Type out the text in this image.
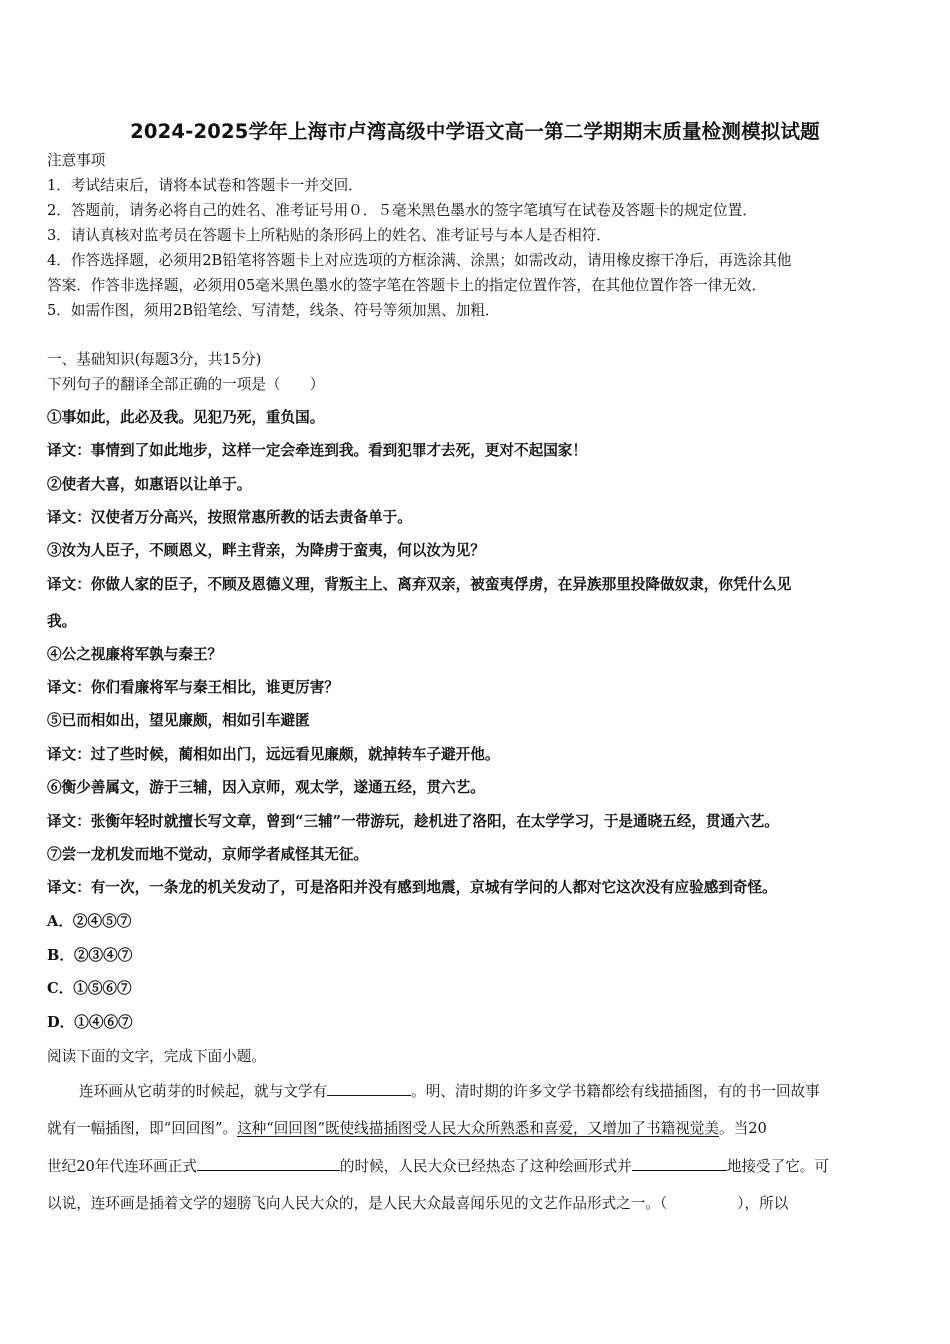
2024-2025学年上海市卢湾高级中学语文高一第二学期期末质量检测模拟试题
注意事项
1．考试结束后，请将本试卷和答题卡一并交回．
2．答题前，请务必将自己的姓名、准考证号用０．５毫米黑色墨水的签字笔填写在试卷及答题卡的规定位置．
3．请认真核对监考员在答题卡上所粘贴的条形码上的姓名、准考证号与本人是否相符．
4．作答选择题，必须用2B铅笔将答题卡上对应选项的方框涂满、涂黑；如需改动，请用橡皮擦干净后，再选涂其他
答案．作答非选择题，必须用05毫米黑色墨水的签字笔在答题卡上的指定位置作答，在其他位置作答一律无效．
5．如需作图，须用2B铅笔绘、写清楚，线条、符号等须加黑、加粗．
一、基础知识(每题3分，共15分)
下列句子的翻译全部正确的一项是（　　）
①事如此，此必及我。见犯乃死，重负国。
译文：事情到了如此地步，这样一定会牵连到我。看到犯罪才去死，更对不起国家！
②使者大喜，如惠语以让单于。
译文：汉使者万分高兴，按照常惠所教的话去责备单于。
③汝为人臣子，不顾恩义，畔主背亲，为降虏于蛮夷，何以汝为见？
译文：你做人家的臣子，不顾及恩德义理，背叛主上、离弃双亲，被蛮夷俘虏，在异族那里投降做奴隶，你凭什么见
我。
④公之视廉将军孰与秦王？
译文：你们看廉将军与秦王相比，谁更厉害？
⑤已而相如出，望见廉颇，相如引车避匿
译文：过了些时候，蔺相如出门，远远看见廉颇，就掉转车子避开他。
⑥衡少善属文，游于三辅，因入京师，观太学，遂通五经，贯六艺。
译文：张衡年轻时就擅长写文章，曾到“三辅”一带游玩，趁机进了洛阳，在太学学习，于是通晓五经，贯通六艺。
⑦尝一龙机发而地不觉动，京师学者咸怪其无征。
译文：有一次，一条龙的机关发动了，可是洛阳并没有感到地震，京城有学问的人都对它这次没有应验感到奇怪。
A．②④⑤⑦
B．②③④⑦
C．①⑤⑥⑦
D．①④⑥⑦
阅读下面的文字，完成下面小题。
连环画从它萌芽的时候起，就与文学有	。明、清时期的许多文学书籍都绘有线描插图，有的书一回故事
就有一幅插图，即“回回图”。这种“回回图”既使线描插图受人民大众所熟悉和喜爱，又增加了书籍视觉美。当20
世纪20年代连环画正式	的时候，人民大众已经热态了这种绘画形式并	地接受了它。可
以说，连环画是插着文学的翅膀飞向人民大众的，是人民大众最喜闻乐见的文艺作品形式之一。（	），所以
